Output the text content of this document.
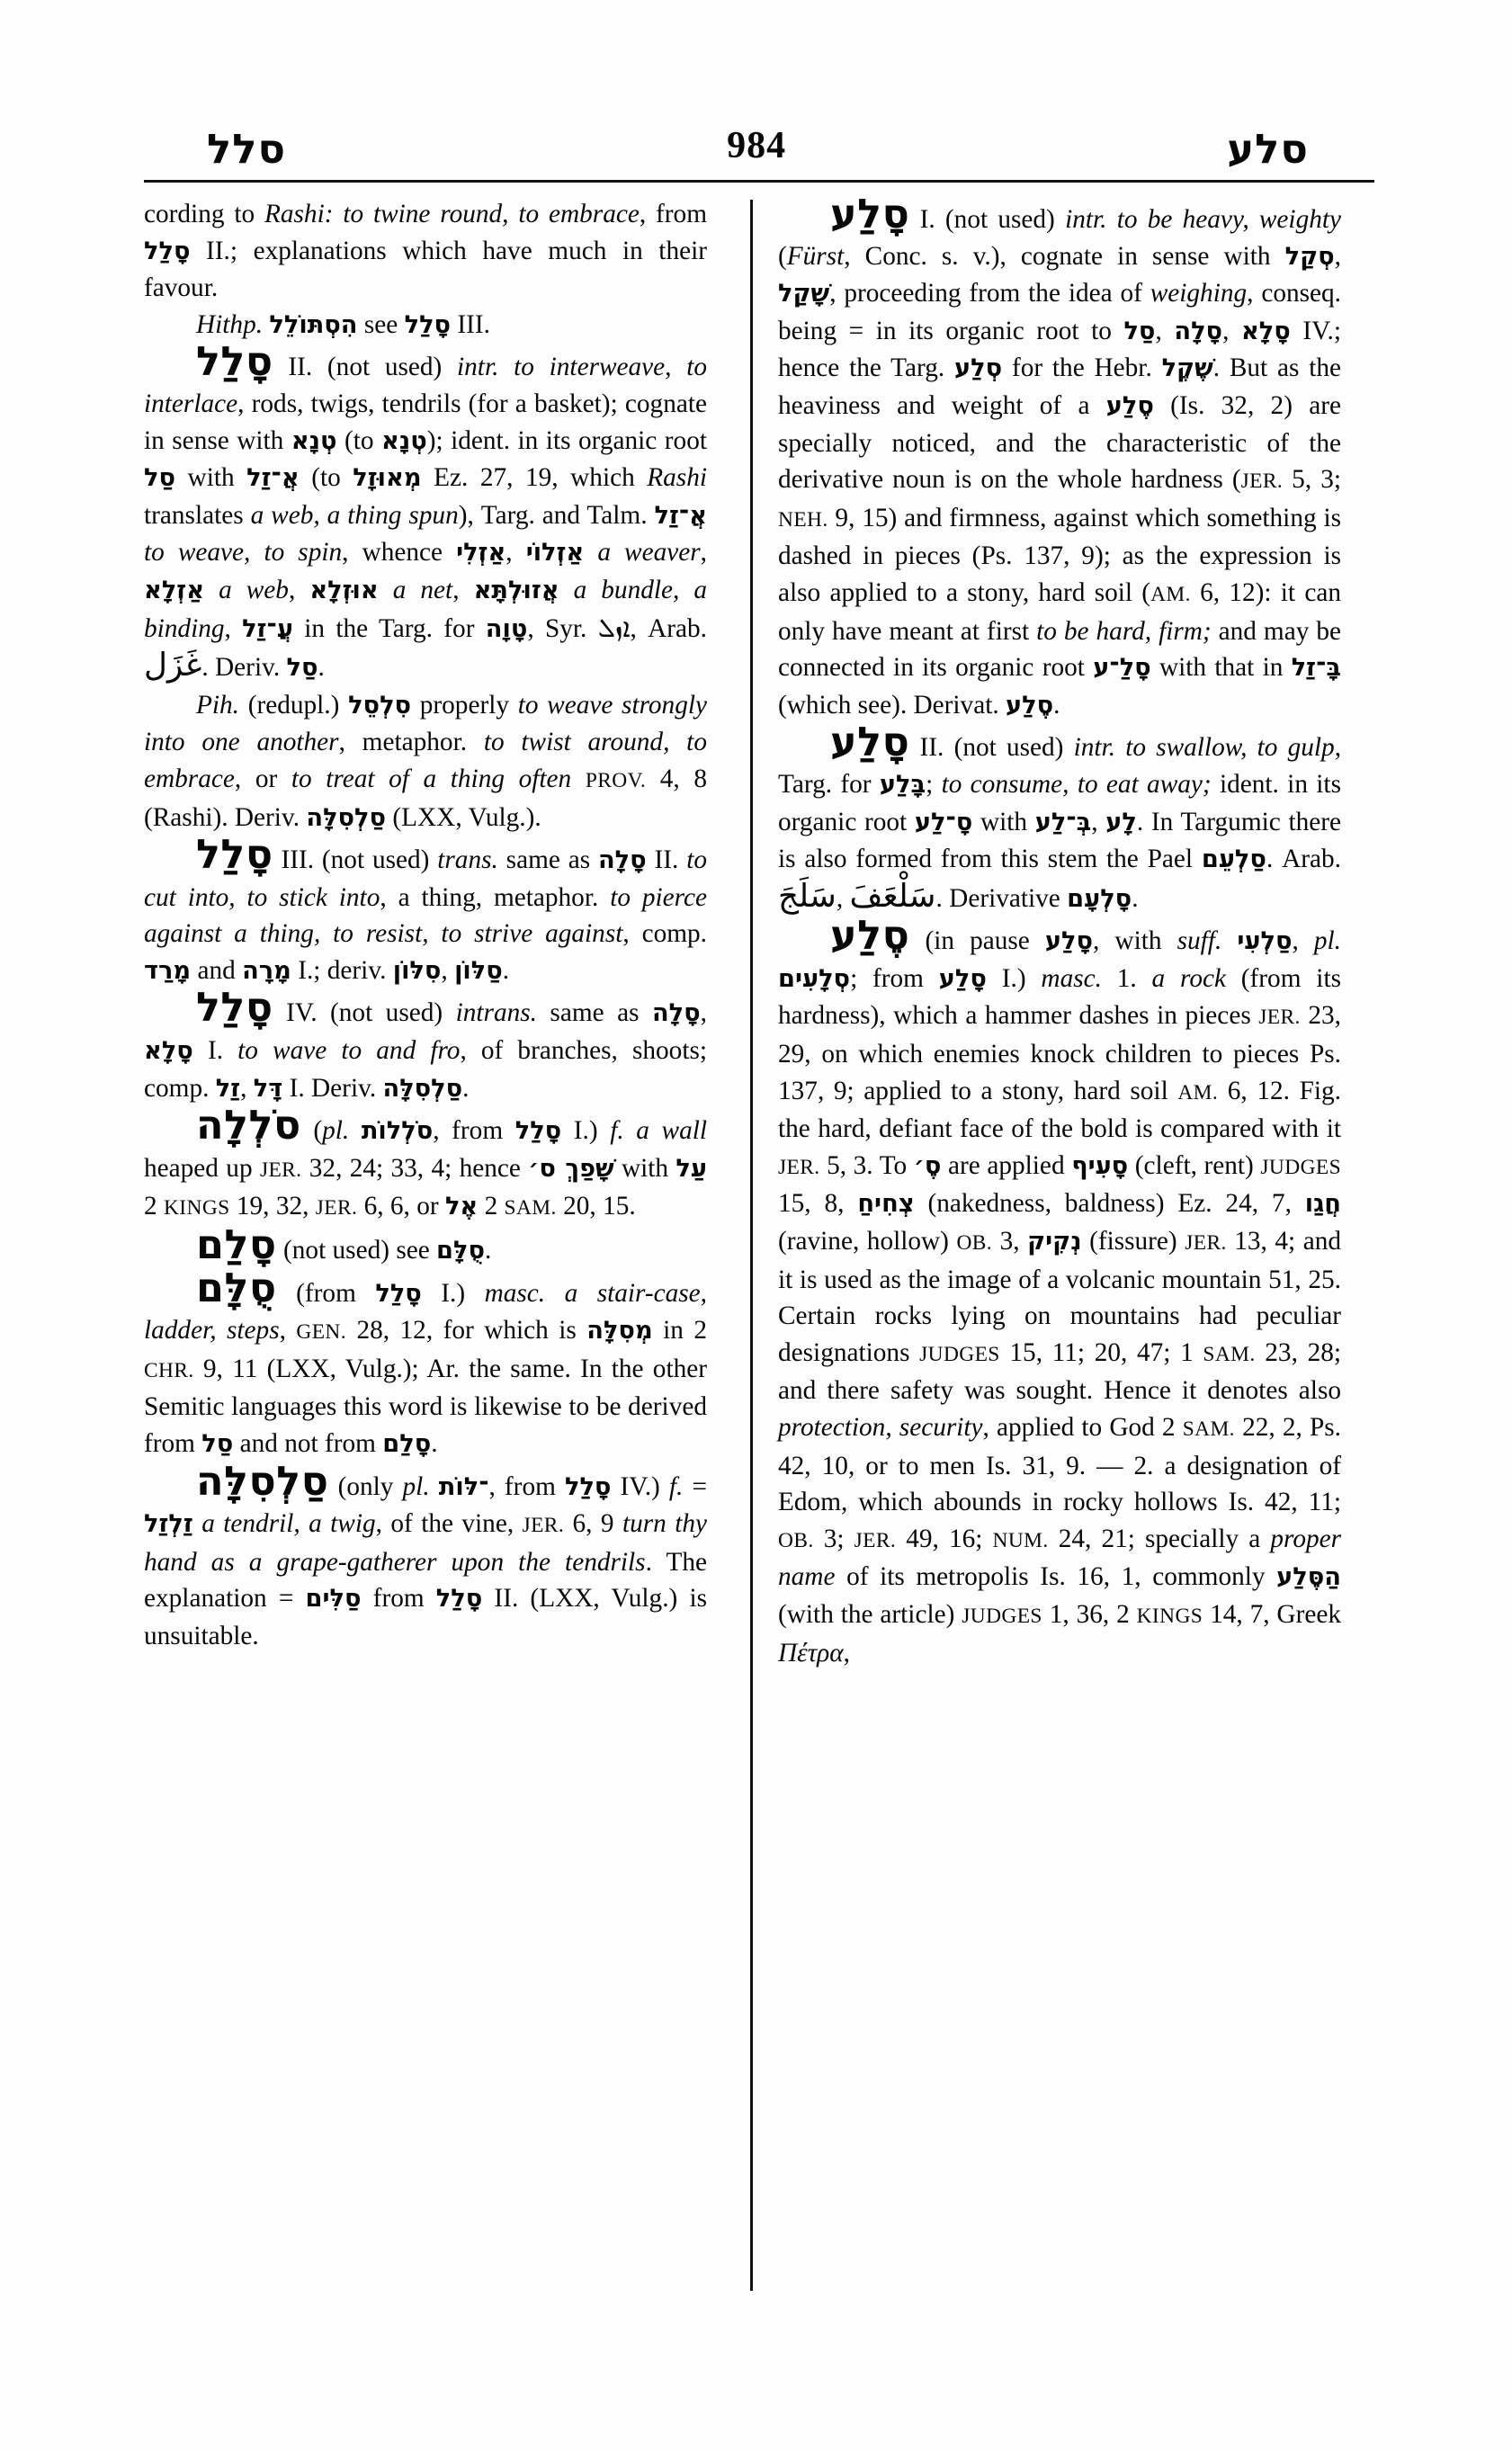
סלל	984	סלע

cording to Rashi: to twine round, to embrace, from סָלַל II.; explanations which have much in their favour.

Hithp. הִסְתּוֹלֵל see סָלַל III.

סָלַל II. (not used) intr. to interweave, to interlace, rods, twigs, tendrils (for a basket); cognate in sense with טְנָא (to טְנָא); ident. in its organic root סַל with אֲ־זַל (to מְאוּזָל Ez. 27, 19, which Rashi translates a web, a thing spun), Targ. and Talm. אֲ־זַל to weave, to spin, whence אַזְלִי, אַזְלוֹי a weaver, אַזְלָא a web, אוּזְלָא a net, אֲזוּלְתָּא a bundle, a binding, עֲ־זַל in the Targ. for טָוָה, Syr. ܐܙܠ, Arab. غَزَل. Deriv. סַל.

Pih. (redupl.) סִלְסֵל properly to weave strongly into one another, metaphor. to twist around, to embrace, or to treat of a thing often PROV. 4, 8 (Rashi). Deriv. סַלְסִלָּה (LXX, Vulg.).

סָלַל III. (not used) trans. same as סָלָה II. to cut into, to stick into, a thing, metaphor. to pierce against a thing, to resist, to strive against, comp. מָרַד and מָרָה I.; deriv. סִלּוֹן, סַלּוֹן.

סָלַל IV. (not used) intrans. same as סָלָה, סָלָא I. to wave to and fro, of branches, shoots; comp. זַל, דָּל I. Deriv. סַלְסִלָּה.

סֹלְלָה (pl. סֹלְלוֹת, from סָלַל I.) f. a wall heaped up JER. 32, 24; 33, 4; hence שָׁפַךְ ס׳ with עַל 2 KINGS 19, 32, JER. 6, 6, or אֶל 2 SAM. 20, 15.

סָלַם (not used) see סֻלָּם.

סֻלָּם (from סָלַל I.) masc. a stair-case, ladder, steps, GEN. 28, 12, for which is מְסִלָּה in 2 CHR. 9, 11 (LXX, Vulg.); Ar. the same. In the other Semitic languages this word is likewise to be derived from סַל and not from סָלַם.

סַלְסִלָּה (only pl. ־לּוֹת, from סָלַל IV.) f. = זַלְזַל a tendril, a twig, of the vine, JER. 6, 9 turn thy hand as a grape-gatherer upon the tendrils. The explanation = סַלִּים from סָלַל II. (LXX, Vulg.) is unsuitable.

סָלַע I. (not used) intr. to be heavy, weighty (Fürst, Conc. s. v.), cognate in sense with סְקַל, שָׁקַל, proceeding from the idea of weighing, conseq. being = in its organic root to סַל, סָלָה, סָלָא IV.; hence the Targ. סְלַע for the Hebr. שֶׁקֶל. But as the heaviness and weight of a סֶלַע (Is. 32, 2) are specially noticed, and the characteristic of the derivative noun is on the whole hardness (JER. 5, 3; NEH. 9, 15) and firmness, against which something is dashed in pieces (Ps. 137, 9); as the expression is also applied to a stony, hard soil (AM. 6, 12): it can only have meant at first to be hard, firm; and may be connected in its organic root סָלַ־ע with that in בָּ־זַל (which see). Derivat. סֶלַע.

סָלַע II. (not used) intr. to swallow, to gulp, Targ. for בָּלַע; to consume, to eat away; ident. in its organic root סָ־לַע with בְּ־לַע, לָע. In Targumic there is also formed from this stem the Pael סַלְעֵם. Arab. سَلَجَ, سَلْعَفَ. Derivative סָלְעָם.

סֶלַע (in pause סָלַע, with suff. סַלְעִי, pl. סְלָעִים; from סָלַע I.) masc. 1. a rock (from its hardness), which a hammer dashes in pieces JER. 23, 29, on which enemies knock children to pieces Ps. 137, 9; applied to a stony, hard soil AM. 6, 12. Fig. the hard, defiant face of the bold is compared with it JER. 5, 3. To סֶ׳ are applied סָעִיף (cleft, rent) JUDGES 15, 8, צְחִיחַ (nakedness, baldness) Ez. 24, 7, חֲגַו (ravine, hollow) OB. 3, נְקִיק (fissure) JER. 13, 4; and it is used as the image of a volcanic mountain 51, 25. Certain rocks lying on mountains had peculiar designations JUDGES 15, 11; 20, 47; 1 SAM. 23, 28; and there safety was sought. Hence it denotes also protection, security, applied to God 2 SAM. 22, 2, Ps. 42, 10, or to men Is. 31, 9. — 2. a designation of Edom, which abounds in rocky hollows Is. 42, 11; OB. 3; JER. 49, 16; NUM. 24, 21; specially a proper name of its metropolis Is. 16, 1, commonly הַסֶּלַע (with the article) JUDGES 1, 36, 2 KINGS 14, 7, Greek Πέτρα,
